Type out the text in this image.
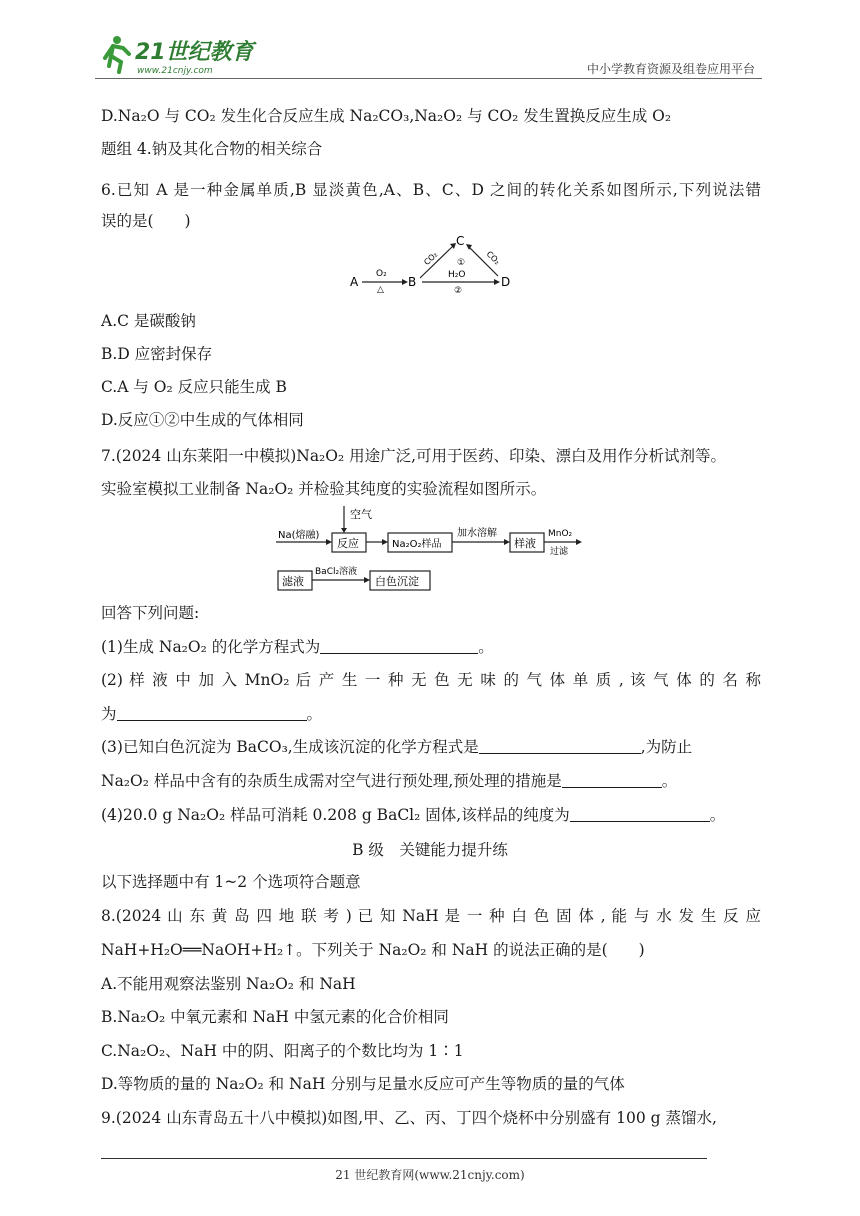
21世纪教育
www.21cnjy.com	中小学教育资源及组卷应用平台
D.Na₂O 与 CO₂ 发生化合反应生成 Na₂CO₃,Na₂O₂ 与 CO₂ 发生置换反应生成 O₂
题组 4.钠及其化合物的相关综合
6.已知 A 是一种金属单质,B 显淡黄色,A、B、C、D 之间的转化关系如图所示,下列说法错
误的是(　　)
A
O₂
△
B
CO₂
C
CO₂
①
H₂O
②
D
A.C 是碳酸钠
B.D 应密封保存
C.A 与 O₂ 反应只能生成 B
D.反应①②中生成的气体相同
7.(2024 山东莱阳一中模拟)Na₂O₂ 用途广泛,可用于医药、印染、漂白及用作分析试剂等。
实验室模拟工业制备 Na₂O₂ 并检验其纯度的实验流程如图所示。
Na(熔融)
空气
反应	Na₂O₂样品
加水溶解
样液
MnO₂
过滤
滤液
BaCl₂溶液
白色沉淀
回答下列问题:
(1)生成 Na₂O₂ 的化学方程式为	。
(2) 样 液 中 加 入 MnO₂ 后 产 生 一 种 无 色 无 味 的 气 体 单 质 , 该 气 体 的 名 称
为	。
(3)已知白色沉淀为 BaCO₃,生成该沉淀的化学方程式是	,为防止
Na₂O₂ 样品中含有的杂质生成需对空气进行预处理,预处理的措施是	。
(4)20.0 g Na₂O₂ 样品可消耗 0.208 g BaCl₂ 固体,该样品的纯度为	。
B 级　关键能力提升练
以下选择题中有 1~2 个选项符合题意
8.(2024 山 东 黄 岛 四 地 联 考 ) 已 知 NaH 是 一 种 白 色 固 体 , 能 与 水 发 生 反 应
NaH+H₂O══NaOH+H₂↑。下列关于 Na₂O₂ 和 NaH 的说法正确的是(　　)
A.不能用观察法鉴别 Na₂O₂ 和 NaH
B.Na₂O₂ 中氧元素和 NaH 中氢元素的化合价相同
C.Na₂O₂、NaH 中的阴、阳离子的个数比均为 1∶1
D.等物质的量的 Na₂O₂ 和 NaH 分别与足量水反应可产生等物质的量的气体
9.(2024 山东青岛五十八中模拟)如图,甲、乙、丙、丁四个烧杯中分别盛有 100 g 蒸馏水,
21 世纪教育网(www.21cnjy.com)
